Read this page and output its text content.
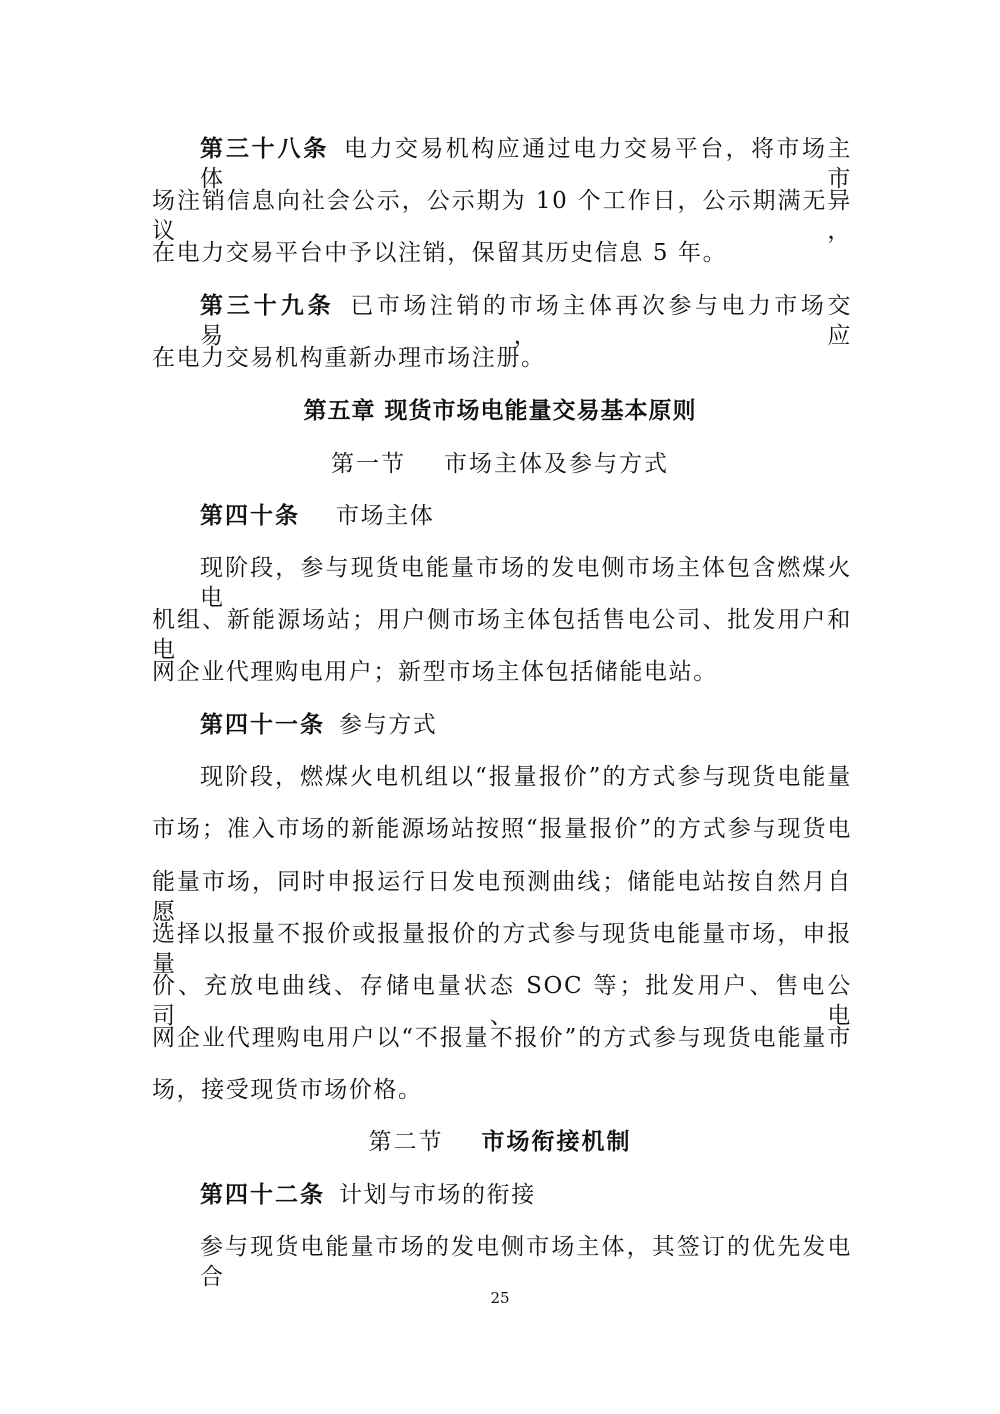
第三十八条 电力交易机构应通过电力交易平台，将市场主体市
场注销信息向社会公示，公示期为 10 个工作日，公示期满无异议，
在电力交易平台中予以注销，保留其历史信息 5 年。
第三十九条 已市场注销的市场主体再次参与电力市场交易，应
在电力交易机构重新办理市场注册。
第五章 现货市场电能量交易基本原则
第一节 市场主体及参与方式
第四十条 市场主体
现阶段，参与现货电能量市场的发电侧市场主体包含燃煤火电
机组、新能源场站；用户侧市场主体包括售电公司、批发用户和电
网企业代理购电用户；新型市场主体包括储能电站。
第四十一条 参与方式
现阶段，燃煤火电机组以“报量报价”的方式参与现货电能量
市场；准入市场的新能源场站按照“报量报价”的方式参与现货电
能量市场，同时申报运行日发电预测曲线；储能电站按自然月自愿
选择以报量不报价或报量报价的方式参与现货电能量市场，申报量
价、充放电曲线、存储电量状态 SOC 等；批发用户、售电公司、电
网企业代理购电用户以“不报量不报价”的方式参与现货电能量市
场，接受现货市场价格。
第二节 市场衔接机制
第四十二条 计划与市场的衔接
参与现货电能量市场的发电侧市场主体，其签订的优先发电合
25
